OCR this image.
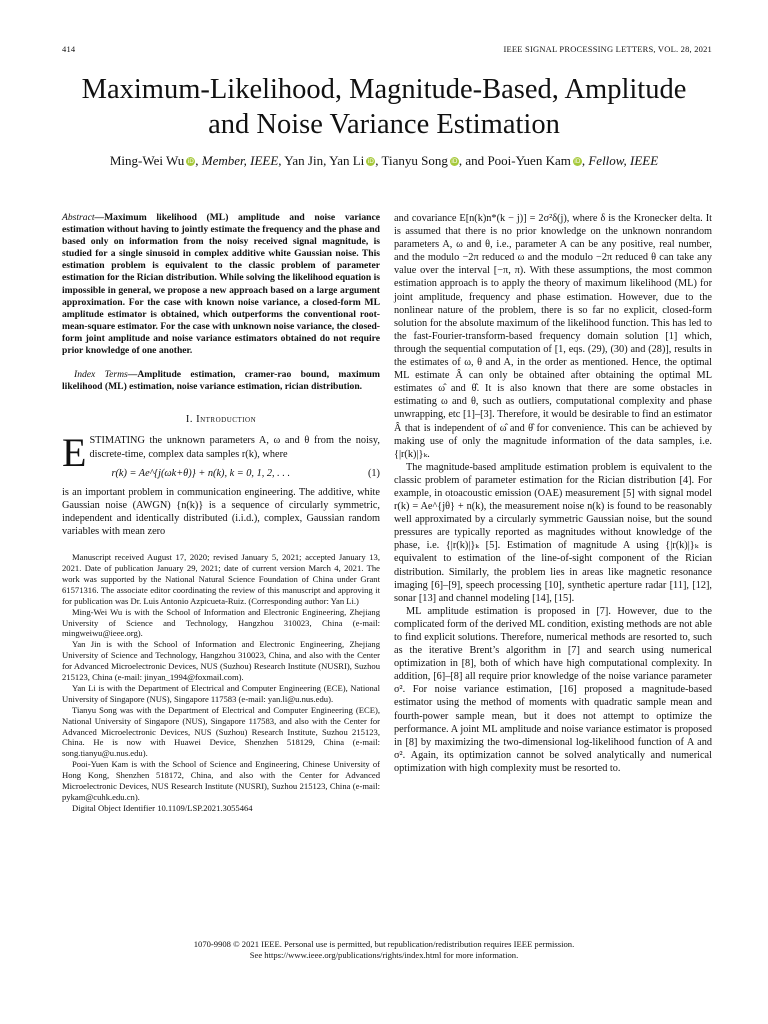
414	IEEE SIGNAL PROCESSING LETTERS, VOL. 28, 2021
Maximum-Likelihood, Magnitude-Based, Amplitude
and Noise Variance Estimation
Ming-Wei Wu iD, Member, IEEE, Yan Jin, Yan Li iD, Tianyu Song iD, and Pooi-Yuen Kam iD, Fellow, IEEE
Abstract—Maximum likelihood (ML) amplitude and noise variance estimation without having to jointly estimate the frequency and the phase and based only on information from the noisy received signal magnitude, is studied for a single sinusoid in complex additive white Gaussian noise. This estimation problem is equivalent to the classic problem of parameter estimation for the Rician distribution. While solving the likelihood equation is impossible in general, we propose a new approach based on a large argument approximation. For the case with known noise variance, a closed-form ML amplitude estimator is obtained, which outperforms the conventional root-mean-square estimator. For the case with unknown noise variance, the closed-form joint amplitude and noise variance estimators obtained do not require prior knowledge of one another.
Index Terms—Amplitude estimation, cramer-rao bound, maximum likelihood (ML) estimation, noise variance estimation, rician distribution.
I. Introduction
ESTIMATING the unknown parameters A, ω and θ from the noisy, discrete-time, complex data samples r(k), where
r(k) = Ae^{j(ωk+θ)} + n(k), k = 0, 1, 2, . . .	(1)

is an important problem in communication engineering. The additive, white Gaussian noise (AWGN) {n(k)} is a sequence of circularly symmetric, independent and identically distributed (i.i.d.), complex, Gaussian random variables with mean zero

Manuscript received August 17, 2020; revised January 5, 2021; accepted January 13, 2021. Date of publication January 29, 2021; date of current version March 4, 2021. The work was supported by the National Natural Science Foundation of China under Grant 61571316. The associate editor coordinating the review of this manuscript and approving it for publication was Dr. Luis Antonio Azpicueta-Ruiz. (Corresponding author: Yan Li.)

Ming-Wei Wu is with the School of Information and Electronic Engineering, Zhejiang University of Science and Technology, Hangzhou 310023, China (e-mail: mingweiwu@ieee.org).

Yan Jin is with the School of Information and Electronic Engineering, Zhejiang University of Science and Technology, Hangzhou 310023, China, and also with the Center for Advanced Microelectronic Devices, NUS (Suzhou) Research Institute (NUSRI), Suzhou 215123, China (e-mail: jinyan_1994@foxmail.com).

Yan Li is with the Department of Electrical and Computer Engineering (ECE), National University of Singapore (NUS), Singapore 117583 (e-mail: yan.li@u.nus.edu).

Tianyu Song was with the Department of Electrical and Computer Engineering (ECE), National University of Singapore (NUS), Singapore 117583, and also with the Center for Advanced Microelectronic Devices, NUS (Suzhou) Research Institute, Suzhou 215123, China. He is now with Huawei Device, Shenzhen 518129, China (e-mail: song.tianyu@u.nus.edu).

Pooi-Yuen Kam is with the School of Science and Engineering, Chinese University of Hong Kong, Shenzhen 518172, China, and also with the Center for Advanced Microelectronic Devices, NUS Research Institute (NUSRI), Suzhou 215123, China (e-mail: pykam@cuhk.edu.cn).

Digital Object Identifier 10.1109/LSP.2021.3055464

and covariance E[n(k)n*(k − j)] = 2σ²δ(j), where δ is the Kronecker delta. It is assumed that there is no prior knowledge on the unknown nonrandom parameters A, ω and θ, i.e., parameter A can be any positive, real number, and the modulo −2π reduced ω and the modulo −2π reduced θ can take any value over the interval [−π, π). With these assumptions, the most common estimation approach is to apply the theory of maximum likelihood (ML) for joint amplitude, frequency and phase estimation. However, due to the nonlinear nature of the problem, there is so far no explicit, closed-form solution for the absolute maximum of the likelihood function. This has led to the fast-Fourier-transform-based frequency domain solution [1] which, through the sequential computation of [1, eqs. (29), (30) and (28)], results in the estimates of ω, θ and A, in the order as mentioned. Hence, the optimal ML estimate Â can only be obtained after obtaining the optimal ML estimates ω̂ and θ̂. It is also known that there are some obstacles in estimating ω and θ, such as outliers, computational complexity and phase unwrapping, etc [1]–[3]. Therefore, it would be desirable to find an estimator Â that is independent of ω̂ and θ̂ for convenience. This can be achieved by making use of only the magnitude information of the data samples, i.e. {|r(k)|}ₖ.

The magnitude-based amplitude estimation problem is equivalent to the classic problem of parameter estimation for the Rician distribution [4]. For example, in otoacoustic emission (OAE) measurement [5] with signal model r(k) = Ae^{jθ} + n(k), the measurement noise n(k) is found to be reasonably well approximated by a circularly symmetric Gaussian noise, but the sound pressures are typically reported as magnitudes without knowledge of the phase, i.e. {|r(k)|}ₖ [5]. Estimation of magnitude A using {|r(k)|}ₖ is equivalent to estimation of the line-of-sight component of the Rician distribution. Similarly, the problem lies in areas like magnetic resonance imaging [6]–[9], speech processing [10], synthetic aperture radar [11], [12], sonar [13] and channel modeling [14], [15].

ML amplitude estimation is proposed in [7]. However, due to the complicated form of the derived ML condition, existing methods are not able to find explicit solutions. Therefore, numerical methods are resorted to, such as the iterative Brent’s algorithm in [7] and search using numerical optimization in [8], both of which have high computational complexity. In addition, [6]–[8] all require prior knowledge of the noise variance parameter σ². For noise variance estimation, [16] proposed a magnitude-based estimator using the method of moments with quadratic sample mean and fourth-power sample mean, but it does not attempt to optimize the performance. A joint ML amplitude and noise variance estimator is proposed in [8] by maximizing the two-dimensional log-likelihood function of A and σ². Again, its optimization cannot be solved analytically and numerical optimization with high complexity must be resorted to.

1070-9908 © 2021 IEEE. Personal use is permitted, but republication/redistribution requires IEEE permission.
See https://www.ieee.org/publications/rights/index.html for more information.
